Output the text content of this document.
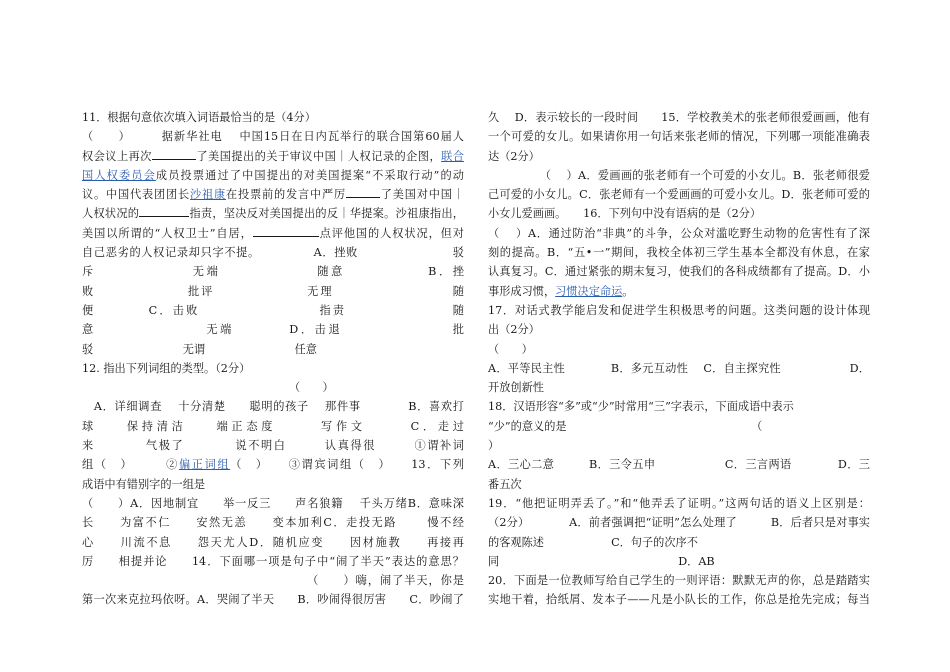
11．根据句意依次填入词语最恰当的是（4分）
（　　）　　　据新华社电　 中国15日在日内瓦举行的联合国第60届人
权会议上再次	了美国提出的关于审议中国｜人权记录的企图，联合
国人权委员会成员投票通过了中国提出的对美国提案“不采取行动”的动
议。中国代表团团长沙祖康在投票前的发言中严厉	了美国对中国｜
人权状况的	指责，坚决反对美国提出的反｜华提案。沙祖康指出，
美国以所谓的“人权卫士”自居，	点评他国的人权状况，但对
自己恶劣的人权记录却只字不提。　　　　　A．挫败　　　　　　　　驳
斥　　　　　　　无端　　　　　　　随意　　　　　　B．挫
败　　　　　　　批评　　　　　　　无理　　　　　　　　　随
便　　　　C．击败　　　　　　　　　指责　　　　　　　　随
意　　　　　　　　无端　　　　D．击退　　　　　　　　批
驳　　　　　　　　无谓　　　　　　　　任意
12. 指出下列词组的类型。（2分）
　　　　　　　　　　　　　　　　　　　（　　）
　A．详细调查　 十分清楚　　聪明的孩子　 那件事　　　　B．喜欢打
球　　保持清洁　　端正态度　　　写作文　　　C．走过
来　　　　气极了　　　　说不明白　　　认真得很　　　①谓补词
组（　）　　　②偏正词组（　）　　③谓宾词组（　）　　13．下列
成语中有错别字的一组是
（　　）A．因地制宜　　举一反三　　声名狼籍　 千头万绪B．意味深
长　　为富不仁　　安然无恙　　变本加利C．走投无路　　 慢不经
心　　川流不息　　怨天尤人D．随机应变　　因材施教　　再接再
厉　　相提并论　　14．下面哪一项是句子中“闹了半天”表达的意思？
　　　　　　　　　　　　　　　　　　　（　　）嗨，闹了半天，你是
第一次来克拉玛依呀。A．哭闹了半天　　B．吵闹得很厉害　　C．吵闹了
久　 D．表示较长的一段时间　　15．学校教美术的张老师很爱画画，他有
一个可爱的女儿。如果请你用一句话来张老师的情况，下列哪一项能准确表
达（2分）
　　　　　（　 ）A．爱画画的张老师有一个可爱的小女儿。B．张老师很爱
己可爱的小女儿。C．张老师有一个爱画画的可爱小女儿。D．张老师可爱的
小女儿爱画画。　　16．下列句中没有语病的是（2分）
（　 ）A．通过防治“非典”的斗争，公众对滥吃野生动物的危害性有了深
刻的提高。B．“五•一”期间，我校全体初三学生基本全都没有休息，在家
认真复习。C．通过紧张的期末复习，使我们的各科成绩都有了提高。D．小
事形成习惯，习惯决定命运。
17．对话式教学能启发和促进学生积极思考的问题。这类问题的设计体现
出（2分）
（　　）
A．平等民主性　　　　B．多元互动性　 C．自主探究性　　　　　　D．
开放创新性
18．汉语形容“多”或“少”时常用“三”字表示，下面成语中表示
“少”的意义的是　　　　　　　　　　　　　　　　　（
）
A．三心二意　　　B．三令五申　　　　　　C．三言两语　　　　D．三
番五次
19．“他把证明弄丢了。”和“他弄丢了证明。”这两句话的语义上区别是：
（2分）　　　　A．前者强调把“证明”怎么处理了　　　B．后者只是对事实
的客观陈述　　　　　　C．句子的次序不
同　　　　　　　　　　　　　　　　D．AB
20．下面是一位教师写给自己学生的一则评语：默默无声的你，总是踏踏实
实地干着，拾纸屑、发本子——凡是小队长的工作，你总是抢先完成；每当
